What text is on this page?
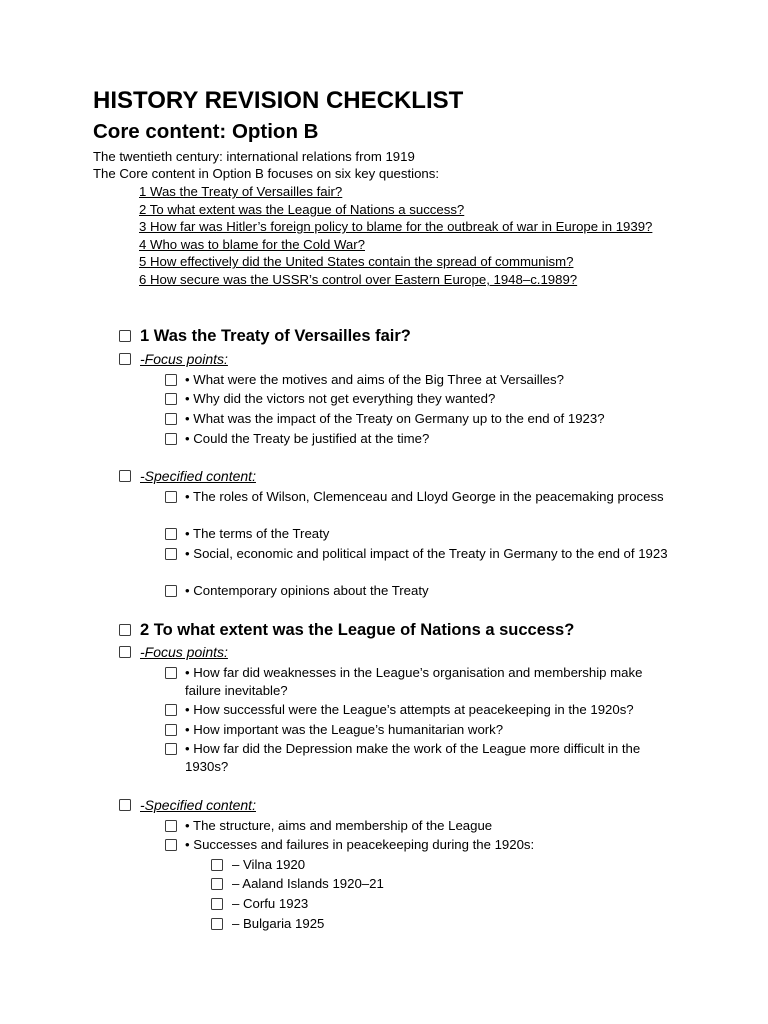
HISTORY REVISION CHECKLIST
Core content: Option B
The twentieth century: international relations from 1919
The Core content in Option B focuses on six key questions:
1 Was the Treaty of Versailles fair?
2 To what extent was the League of Nations a success?
3 How far was Hitler’s foreign policy to blame for the outbreak of war in Europe in 1939?
4 Who was to blame for the Cold War?
5 How effectively did the United States contain the spread of communism?
6 How secure was the USSR’s control over Eastern Europe, 1948–c.1989?
1 Was the Treaty of Versailles fair?
-Focus points:
• What were the motives and aims of the Big Three at Versailles?
• Why did the victors not get everything they wanted?
• What was the impact of the Treaty on Germany up to the end of 1923?
• Could the Treaty be justified at the time?
-Specified content:
• The roles of Wilson, Clemenceau and Lloyd George in the peacemaking process
• The terms of the Treaty
• Social, economic and political impact of the Treaty in Germany to the end of 1923
• Contemporary opinions about the Treaty
2 To what extent was the League of Nations a success?
-Focus points:
• How far did weaknesses in the League’s organisation and membership make failure inevitable?
• How successful were the League’s attempts at peacekeeping in the 1920s?
• How important was the League’s humanitarian work?
• How far did the Depression make the work of the League more difficult in the 1930s?
-Specified content:
• The structure, aims and membership of the League
• Successes and failures in peacekeeping during the 1920s:
– Vilna 1920
– Aaland Islands 1920–21
– Corfu 1923
– Bulgaria 1925
